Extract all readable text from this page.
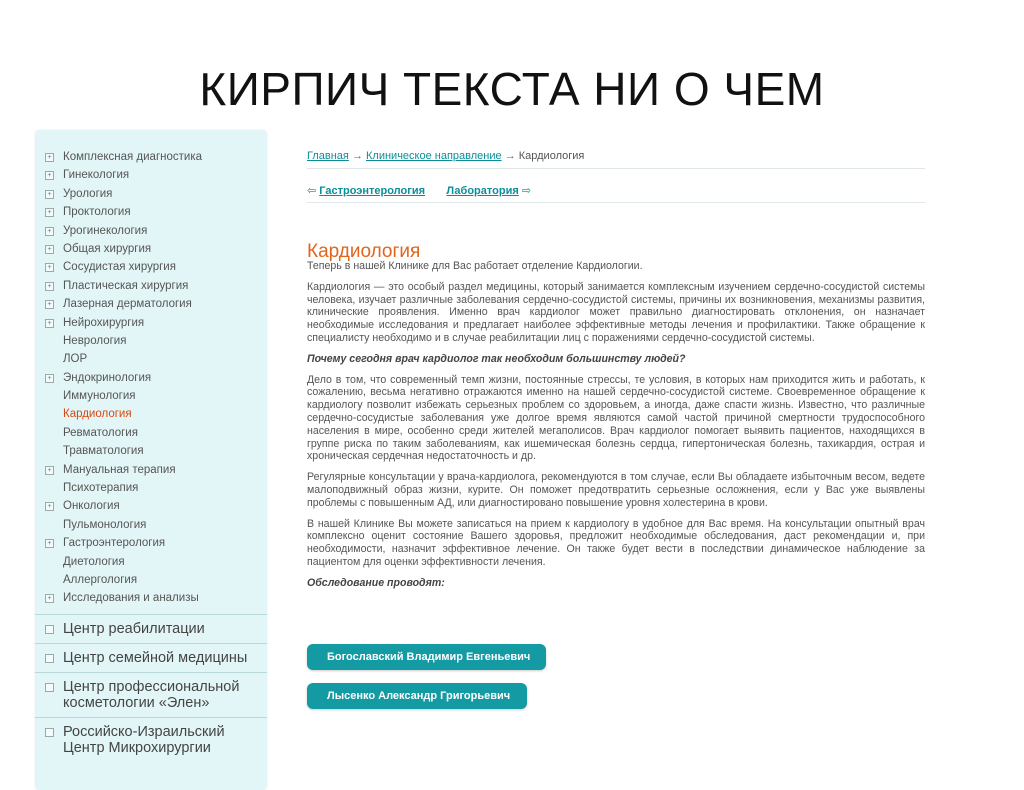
КИРПИЧ ТЕКСТА НИ О ЧЕМ
+ Комплексная диагностика
+ Гинекология
+ Урология
+ Проктология
+ Урогинекология
+ Общая хирургия
+ Сосудистая хирургия
+ Пластическая хирургия
+ Лазерная дерматология
+ Нейрохирургия
Неврология
ЛОР
+ Эндокринология
Иммунология
Кардиология
Ревматология
Травматология
+ Мануальная терапия
Психотерапия
+ Онкология
Пульмонология
+ Гастроэнтерология
Диетология
Аллергология
+ Исследования и анализы
Центр реабилитации
Центр семейной медицины
Центр профессиональной косметологии «Элен»
Российско-Израильский Центр Микрохирургии
Главная → Клиническое направление → Кардиология
⇦ Гастроэнтерология Лаборатория ⇨
Кардиология

Теперь в нашей Клинике для Вас работает отделение Кардиологии.

Кардиология — это особый раздел медицины, который занимается комплексным изучением сердечно-сосудистой системы человека, изучает различные заболевания сердечно-сосудистой системы, причины их возникновения, механизмы развития, клинические проявления. Именно врач кардиолог может правильно диагностировать отклонения, он назначает необходимые исследования и предлагает наиболее эффективные методы лечения и профилактики. Также обращение к специалисту необходимо и в случае реабилитации лиц с поражениями сердечно-сосудистой системы.

Почему сегодня врач кардиолог так необходим большинству людей?

Дело в том, что современный темп жизни, постоянные стрессы, те условия, в которых нам приходится жить и работать, к сожалению, весьма негативно отражаются именно на нашей сердечно-сосудистой системе. Своевременное обращение к кардиологу позволит избежать серьезных проблем со здоровьем, а иногда, даже спасти жизнь. Известно, что различные сердечно-сосудистые заболевания уже долгое время являются самой частой причиной смертности трудоспособного населения в мире, особенно среди жителей мегаполисов. Врач кардиолог помогает выявить пациентов, находящихся в группе риска по таким заболеваниям, как ишемическая болезнь сердца, гипертоническая болезнь, тахикардия, острая и хроническая сердечная недостаточность и др.

Регулярные консультации у врача-кардиолога, рекомендуются в том случае, если Вы обладаете избыточным весом, ведете малоподвижный образ жизни, курите. Он поможет предотвратить серьезные осложнения, если у Вас уже выявлены проблемы с повышенным АД, или диагностировано повышение уровня холестерина в крови.

В нашей Клинике Вы можете записаться на прием к кардиологу в удобное для Вас время. На консультации опытный врач комплексно оценит состояние Вашего здоровья, предложит необходимые обследования, даст рекомендации и, при необходимости, назначит эффективное лечение. Он также будет вести в последствии динамическое наблюдение за пациентом для оценки эффективности лечения.

Обследование проводят:

Богославский Владимир Евгеньевич
Лысенко Александр Григорьевич
